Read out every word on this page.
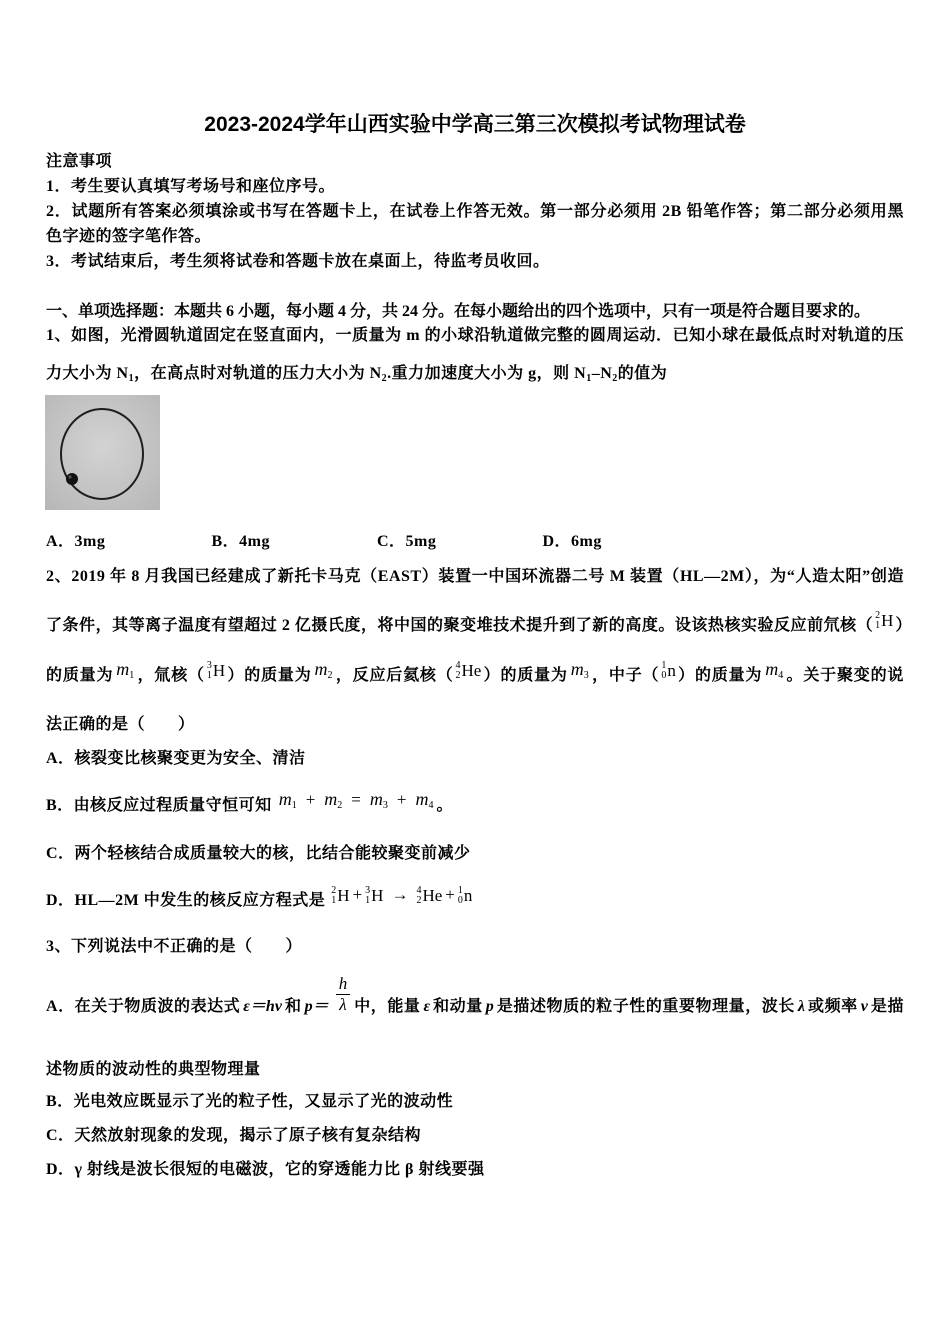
2023-2024学年山西实验中学高三第三次模拟考试物理试卷
注意事项
1．考生要认真填写考场号和座位序号。
2．试题所有答案必须填涂或书写在答题卡上，在试卷上作答无效。第一部分必须用 2B 铅笔作答；第二部分必须用黑色字迹的签字笔作答。
3．考试结束后，考生须将试卷和答题卡放在桌面上，待监考员收回。
一、单项选择题：本题共 6 小题，每小题 4 分，共 24 分。在每小题给出的四个选项中，只有一项是符合题目要求的。
1、如图，光滑圆轨道固定在竖直面内，一质量为 m 的小球沿轨道做完整的圆周运动．已知小球在最低点时对轨道的压力大小为 $N_1$，在高点时对轨道的压力大小为 $N_2$.重力加速度大小为 g，则 $N_1-N_2$的值为
A．3mg	B．4mg	C．5mg	D．6mg
2、2019 年 8 月我国已经建成了新托卡马克（EAST）装置一中国环流器二号 M 装置（HL—2M），为“人造太阳”创造了条件，其等离子温度有望超过 2 亿摄氏度，将中国的聚变堆技术提升到了新的高度。设该热核实验反应前氘核（
2
1 H ）的质量为 $m_1$ ，氚核（
3
1 H ）的质量为 $m_2$ ，反应后氦核（
4
2 He ）的质量为 $m_3$ ，中子（
1
0 n ）的质量为 $m_4$ 。关于聚变的说法正确的是（　　）
A．核裂变比核聚变更为安全、清洁
B．由核反应过程质量守恒可知 $m_1 + m_2 = m_3 + m_4$ 。
C．两个轻核结合成质量较大的核，比结合能较聚变前减少
D．HL—2M 中发生的核反应方程式是
2
1 H + 3
1 H → 4
2 He + 1
0 n
3、下列说法中不正确的是（　　）
A．在关于物质波的表达式 ε＝hν 和 $p= \frac{h}{\lambda}$ 中，能量 ε 和动量 p 是描述物质的粒子性的重要物理量，波长 λ 或频率 ν 是描述物质的波动性的典型物理量
B．光电效应既显示了光的粒子性，又显示了光的波动性
C．天然放射现象的发现，揭示了原子核有复杂结构
D．γ 射线是波长很短的电磁波，它的穿透能力比 β 射线要强
